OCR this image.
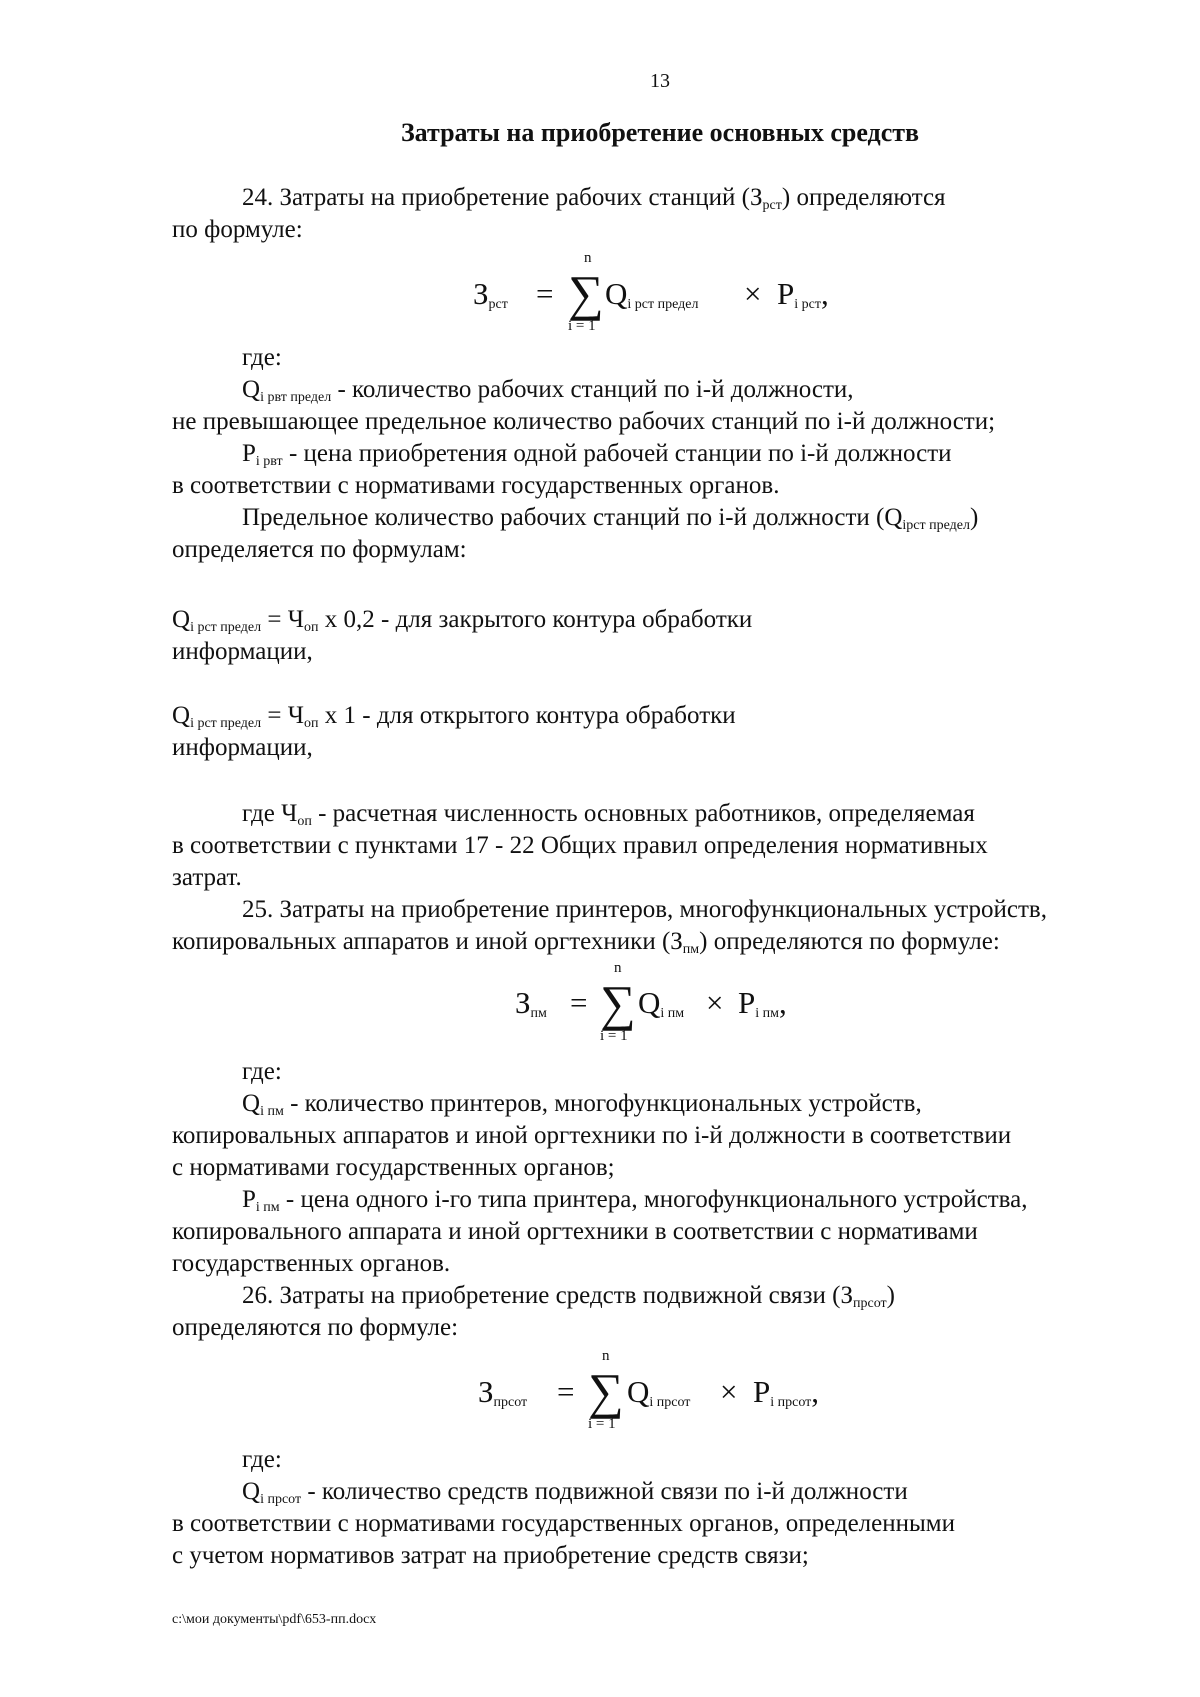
13
Затраты на приобретение основных средств
24. Затраты на приобретение рабочих станций $(З_{рст})$ определяются
по формуле:
$З_{рст}$ =
n
∑
i = 1
$Q_{i рст предел} \times P_{i рст}$,
где:
$Q_{i рвт предел}$ - количество рабочих станций по i-й должности,
не превышающее предельное количество рабочих станций по i-й должности;
$P_{i рвт}$ - цена приобретения одной рабочей станции по i-й должности
в соответствии с нормативами государственных органов.
Предельное количество рабочих станций по i-й должности $(Q_{iрст предел})$
определяется по формулам:
$Q_{i рст предел} = Ч_{оп}$ х 0,2 - для закрытого контура обработки
информации,
$Q_{i рст предел} = Ч_{оп}$ х 1 - для открытого контура обработки
информации,
где $Ч_{оп}$ - расчетная численность основных работников, определяемая
в соответствии с пунктами 17 - 22 Общих правил определения нормативных
затрат.
25. Затраты на приобретение принтеров, многофункциональных устройств,
копировальных аппаратов и иной оргтехники $(З_{пм})$ определяются по формуле:
$З_{пм}$ =
n
∑
i = 1
$Q_{i пм} \times P_{i пм}$,
где:
$Q_{i пм}$ - количество принтеров, многофункциональных устройств,
копировальных аппаратов и иной оргтехники по i-й должности в соответствии
с нормативами государственных органов;
$P_{i пм}$ - цена одного i-го типа принтера, многофункционального устройства,
копировального аппарата и иной оргтехники в соответствии с нормативами
государственных органов.
26. Затраты на приобретение средств подвижной связи $(З_{прсот})$
определяются по формуле:
$З_{прсот}$ =
n
∑
i = 1
$Q_{i прсот} \times P_{i прсот}$,
где:
$Q_{i прсот}$ - количество средств подвижной связи по i-й должности
в соответствии с нормативами государственных органов, определенными
с учетом нормативов затрат на приобретение средств связи;
c:\мои документы\pdf\653-пп.docx
